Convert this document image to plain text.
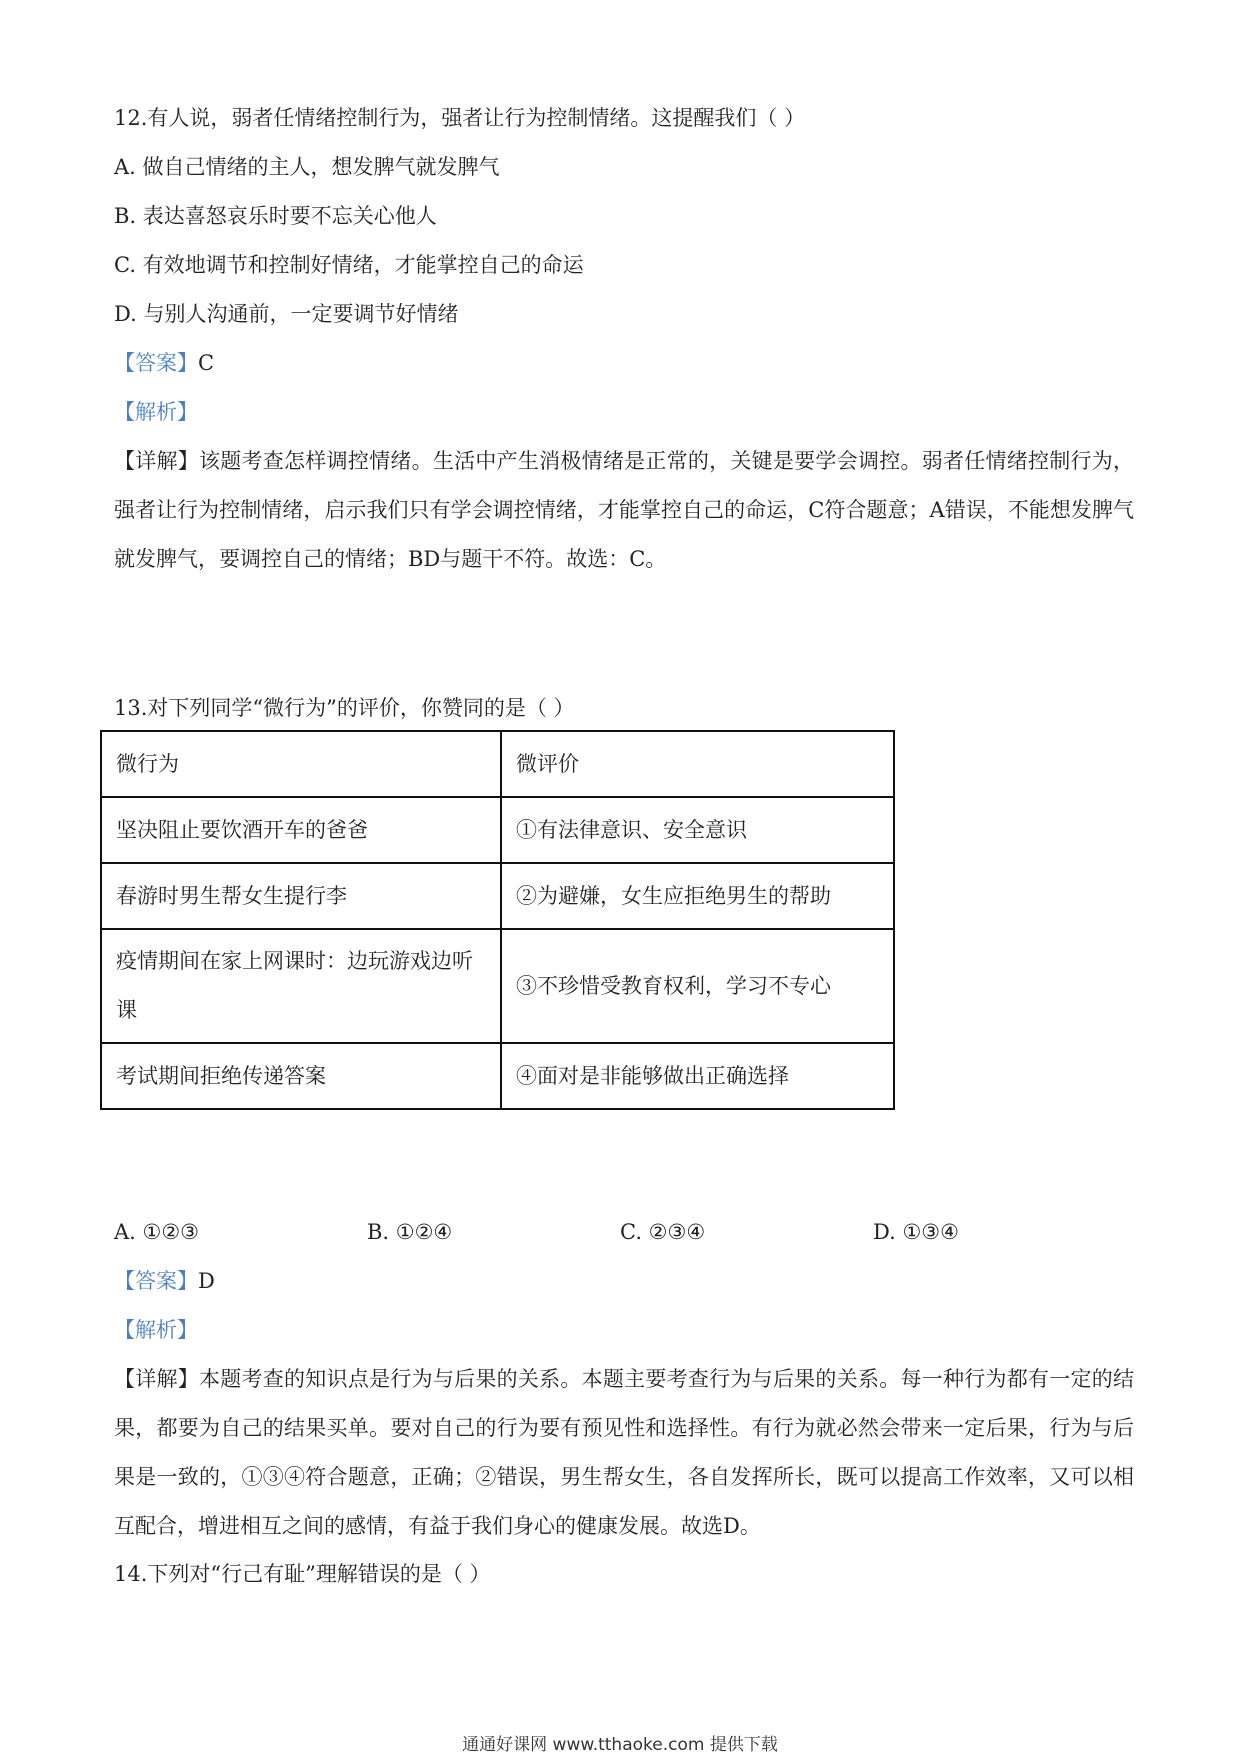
12.有人说，弱者任情绪控制行为，强者让行为控制情绪。这提醒我们（ ）
A. 做自己情绪的主人，想发脾气就发脾气
B. 表达喜怒哀乐时要不忘关心他人
C. 有效地调节和控制好情绪，才能掌控自己的命运
D. 与别人沟通前，一定要调节好情绪
【答案】C
【解析】
【详解】该题考查怎样调控情绪。生活中产生消极情绪是正常的，关键是要学会调控。弱者任情绪控制行为，强者让行为控制情绪，启示我们只有学会调控情绪，才能掌控自己的命运，C符合题意；A错误，不能想发脾气就发脾气，要调控自己的情绪；BD与题干不符。故选：C。
13.对下列同学“微行为”的评价，你赞同的是（ ）
微行为	微评价
坚决阻止要饮酒开车的爸爸	①有法律意识、安全意识
春游时男生帮女生提行李	②为避嫌，女生应拒绝男生的帮助
疫情期间在家上网课时：边玩游戏边听课	③不珍惜受教育权利，学习不专心
考试期间拒绝传递答案	④面对是非能够做出正确选择
A. ①②③	B. ①②④	C. ②③④	D. ①③④
【答案】D
【解析】
【详解】本题考查的知识点是行为与后果的关系。本题主要考查行为与后果的关系。每一种行为都有一定的结果，都要为自己的结果买单。要对自己的行为要有预见性和选择性。有行为就必然会带来一定后果，行为与后果是一致的，①③④符合题意，正确；②错误，男生帮女生，各自发挥所长，既可以提高工作效率，又可以相互配合，增进相互之间的感情，有益于我们身心的健康发展。故选D。
14.下列对“行己有耻”理解错误的是（ ）
通通好课网 www.tthaoke.com 提供下载
